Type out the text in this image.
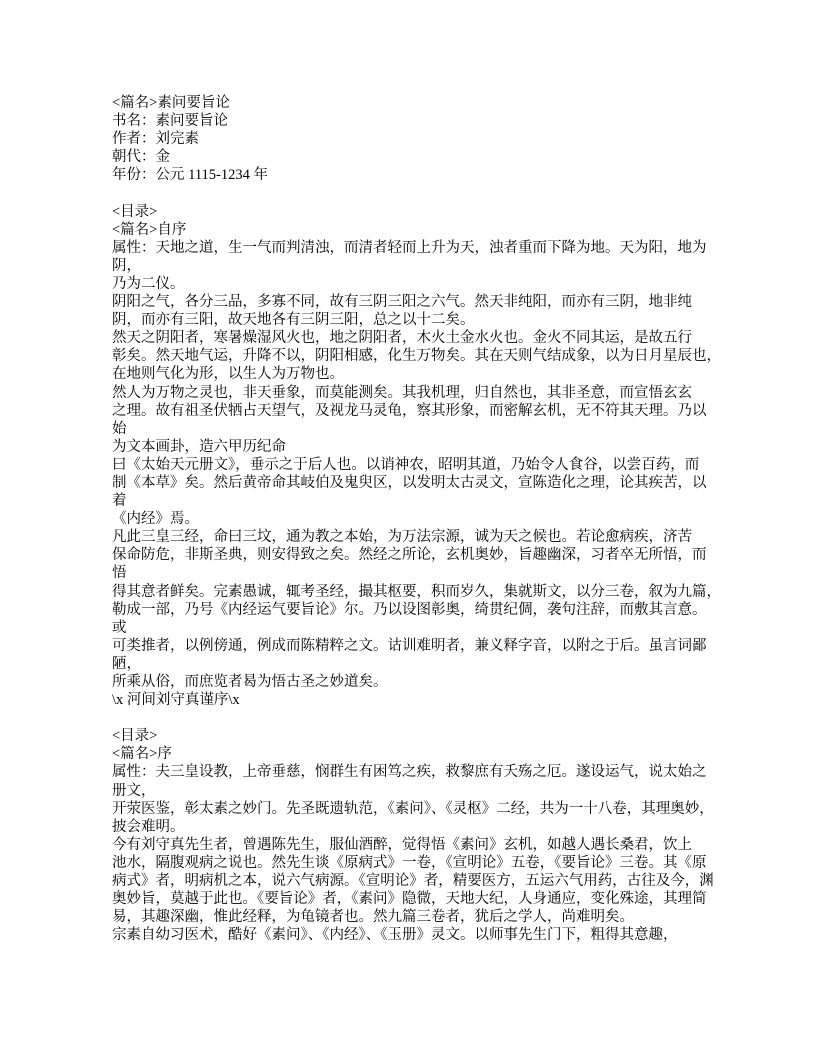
<篇名>素问要旨论
书名：素问要旨论
作者：刘完素
朝代：金
年份：公元 1115-1234 年
<目录>
<篇名>自序
属性：天地之道，生一气而判清浊，而清者轻而上升为天，浊者重而下降为地。天为阳，地为
阴，
乃为二仪。
阴阳之气，各分三品，多寡不同，故有三阴三阳之六气。然天非纯阳，而亦有三阴，地非纯
阴，而亦有三阳，故天地各有三阴三阳，总之以十二矣。
然天之阴阳者，寒暑燥湿风火也，地之阴阳者，木火土金水火也。金火不同其运，是故五行
彰矣。然天地气运，升降不以，阴阳相感，化生万物矣。其在天则气结成象，以为日月星辰也，
在地则气化为形，以生人为万物也。
然人为万物之灵也，非天垂象，而莫能测矣。其我机理，归自然也，其非圣意，而宣悟玄玄
之理。故有祖圣伏牺占天望气，及视龙马灵龟，察其形象，而密解玄机，无不符其天理。乃以
始
为文本画卦，造六甲历纪命
曰《太始天元册文》，垂示之于后人也。以诮神农，昭明其道，乃始令人食谷，以尝百药，而
制《本草》矣。然后黄帝命其岐伯及鬼臾区，以发明太古灵文，宣陈造化之理，论其疾苦，以
着
《内经》焉。
凡此三皇三经，命曰三坟，通为教之本始，为万法宗源，诚为天之候也。若论愈病疾，济苦
保命防危，非斯圣典，则安得致之矣。然经之所论，玄机奥妙，旨趣幽深，习者卒无所悟，而
悟
得其意者鲜矣。完素愚诚，辄考圣经，撮其枢要，积而岁久，集就斯文，以分三卷，叙为九篇，
勒成一部，乃号《内经运气要旨论》尔。乃以设图彰奥，绮贯纪倜，袭句注辞，而敷其言意。
或
可类推者，以例傍通，例成而陈精粹之文。诂训难明者，兼义释字音，以附之于后。虽言词鄙
陋，
所乘从俗，而庶览者曷为悟古圣之妙道矣。
\x 河间刘守真谨序\x
<目录>
<篇名>序
属性：夫三皇设教，上帝垂慈，悯群生有困笃之疾，救黎庶有夭殇之厄。遂设运气，说太始之
册文，
开荥医鉴，彰太素之妙门。先圣既遗轨范，《素问》、《灵枢》二经，共为一十八卷，其理奥妙，
披会难明。
今有刘守真先生者，曾遇陈先生，服仙酒醉，觉得悟《素问》玄机，如越人遇长桑君，饮上
池水，隔腹观病之说也。然先生谈《原病式》一卷，《宣明论》五卷，《要旨论》三卷。其《原
病式》者，明病机之本，说六气病源。《宣明论》者，精要医方，五运六气用药，古往及今，渊
奥妙旨，莫越于此也。《要旨论》者，《素问》隐微，天地大纪，人身通应，变化殊途，其理简
易，其趣深幽，惟此经释，为龟镜者也。然九篇三卷者，犹后之学人，尚难明矣。
宗素自幼习医术，酷好《素问》、《内经》、《玉册》灵文。以师事先生门下，粗得其意趣，
